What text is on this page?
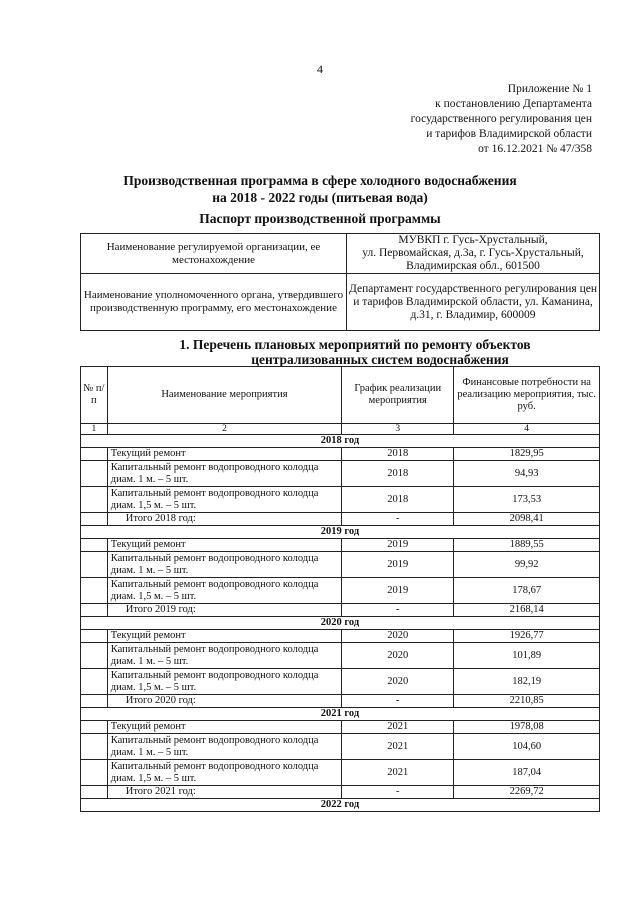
4
Приложение № 1
к постановлению Департамента
государственного регулирования цен
и тарифов Владимирской области
от 16.12.2021 № 47/358
Производственная программа в сфере холодного водоснабжения
на 2018 - 2022 годы (питьевая вода)
Паспорт производственной программы
Наименование регулируемой организации, ее местонахождение	МУВКП г. Гусь-Хрустальный,
ул. Первомайская, д.3а, г. Гусь-Хрустальный,
Владимирская обл., 601500

Наименование уполномоченного органа, утвердившего производственную программу, его местонахождение	Департамент государственного регулирования цен и тарифов Владимирской области, ул. Каманина, д.31, г. Владимир, 600009
1. Перечень плановых мероприятий по ремонту объектов
централизованных систем водоснабжения
№ п/п	Наименование мероприятия	График реализации мероприятия	Финансовые потребности на реализацию мероприятия, тыс. руб.
1	2	3	4
2018 год			
	Текущий ремонт	2018	1829,95
	Капитальный ремонт водопроводного колодца диам. 1 м. – 5 шт.	2018	94,93
	Капитальный ремонт водопроводного колодца диам. 1,5 м. – 5 шт.	2018	173,53
	Итого 2018 год:	-	2098,41
2019 год			
	Текущий ремонт	2019	1889,55
	Капитальный ремонт водопроводного колодца диам. 1 м. – 5 шт.	2019	99,92
	Капитальный ремонт водопроводного колодца диам. 1,5 м. – 5 шт.	2019	178,67
	Итого 2019 год:	-	2168,14
2020 год			
	Текущий ремонт	2020	1926,77
	Капитальный ремонт водопроводного колодца диам. 1 м. – 5 шт.	2020	101,89
	Капитальный ремонт водопроводного колодца диам. 1,5 м. – 5 шт.	2020	182,19
	Итого 2020 год:	-	2210,85
2021 год			
	Текущий ремонт	2021	1978,08
	Капитальный ремонт водопроводного колодца диам. 1 м. – 5 шт.	2021	104,60
	Капитальный ремонт водопроводного колодца диам. 1,5 м. – 5 шт.	2021	187,04
	Итого 2021 год:	-	2269,72
2022 год			
